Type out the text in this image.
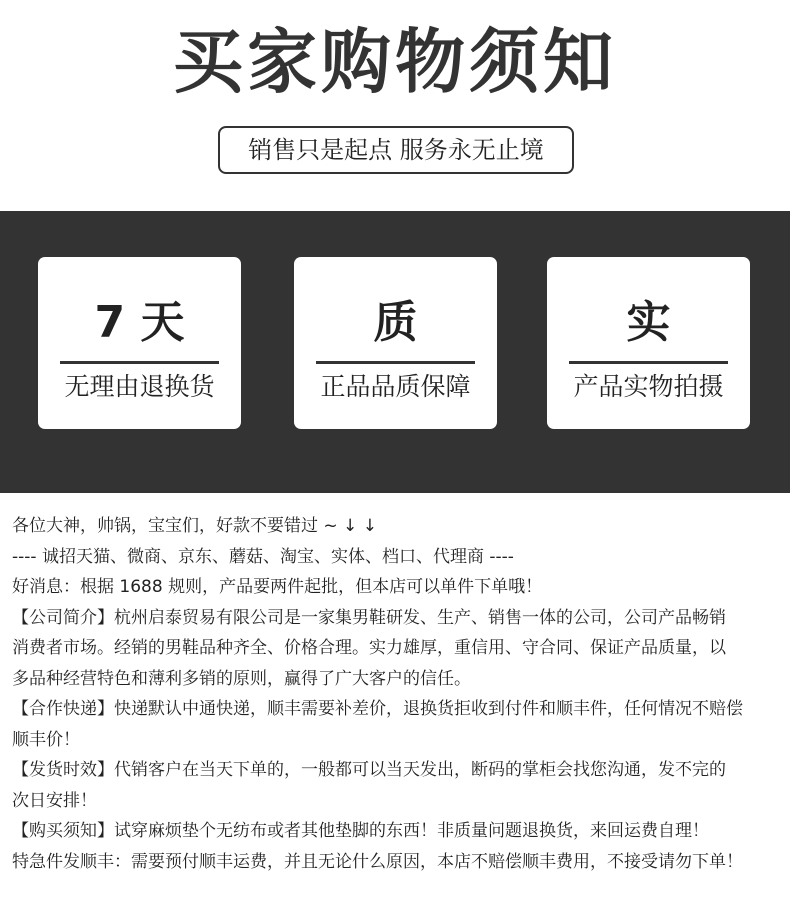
买家购物须知
销售只是起点 服务永无止境
7 天
无理由退换货
质
正品品质保障
实
产品实物拍摄

各位大神，帅锅，宝宝们，好款不要错过 ~ ↓ ↓

---- 诚招天猫、微商、京东、蘑菇、淘宝、实体、档口、代理商 ----

好消息：根据 1688 规则，产品要两件起批，但本店可以单件下单哦！

【公司简介】杭州启泰贸易有限公司是一家集男鞋研发、生产、销售一体的公司，公司产品畅销

消费者市场。经销的男鞋品种齐全、价格合理。实力雄厚，重信用、守合同、保证产品质量，以

多品种经营特色和薄利多销的原则，赢得了广大客户的信任。

【合作快递】快递默认中通快递，顺丰需要补差价，退换货拒收到付件和顺丰件，任何情况不赔偿

顺丰价！

【发货时效】代销客户在当天下单的，一般都可以当天发出，断码的掌柜会找您沟通，发不完的

次日安排！

【购买须知】试穿麻烦垫个无纺布或者其他垫脚的东西！非质量问题退换货，来回运费自理！

特急件发顺丰：需要预付顺丰运费，并且无论什么原因，本店不赔偿顺丰费用，不接受请勿下单！
